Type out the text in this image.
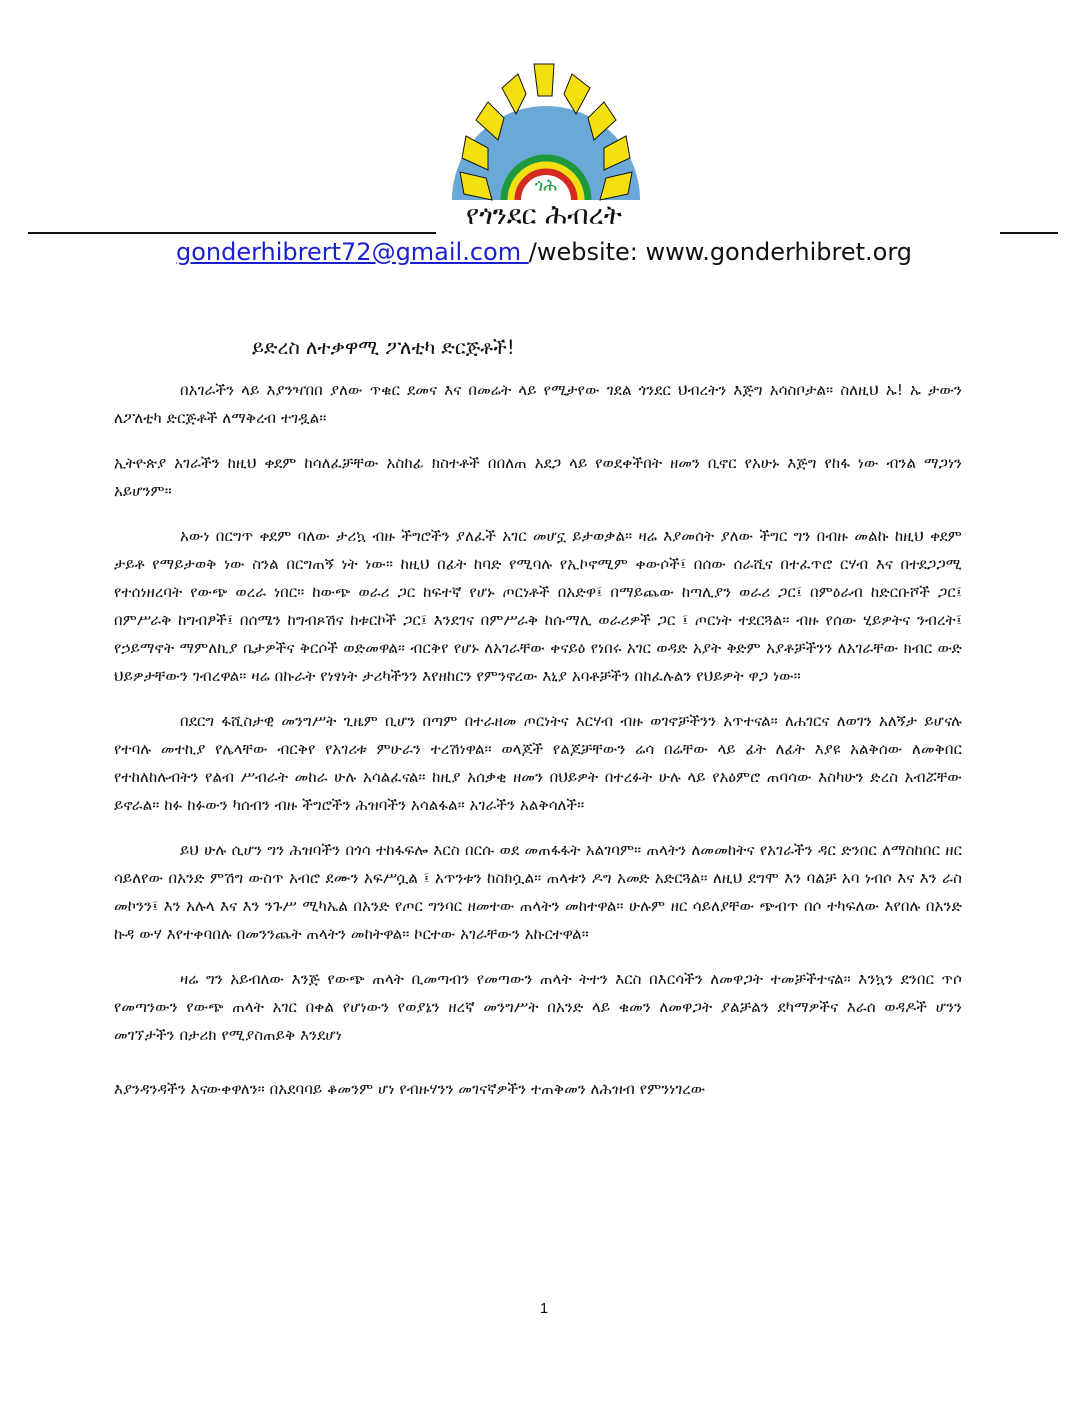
ጎሕ
የጎንደር ሕብረት
gonderhibrert72@gmail.com /website: www.gonderhibret.org
ይድረስ ለተቃዋሚ ፖለቲካ ድርጅቶች!

በአገራችን ላይ እያንዣበበ ያለው ጥቁር ደመና እና በመሬት ላይ የሚታየው ገደል ጎንደር ህብረትን እጅግ አሳስቦታል። ስለዚህ ኡ! ኡ ታውን ለፖለቲካ ድርጅቶች ለማቅረብ ተገዷል።

ኢትዮጵያ አገራችን ከዚህ ቀደም ከሳለፈቻቸው አስከፊ ክስተቶች በበለጠ አደጋ ላይ የወደቀችበት ዘመን ቢኖር የአሁኑ እጅግ የከፋ ነው ብንል ማጋነን አይሆንም።

አውነ በርግጥ ቀደም ባለው ታሪኳ ብዙ ችግሮችን ያለፈች አገር መሆኗ ይታወቃል። ዛሬ እያመሰት ያለው ችግር ግን በብዙ መልኩ ከዚህ ቀደም ታይቶ የማይታወቅ ነው ስንል በርግጠኝ ነት ነው። ከዚህ በፊት ከባድ የሚባሉ የኢኮኖሚም ቀውሶች፤ በሰው ሰራሺና በተፈጥሮ ርሃብ እና በተደጋጋሚ የተሰነዘረባት የውጭ ወረራ ነበር። ከውጭ ወራሪ ጋር ከፍተኛ የሆኑ ጦርነቶች በአድዋ፤ በማይጨው ከጣሊያን ወራሪ ጋር፤ በምዕራብ ከድርቡሾች ጋር፤ በምሥራቅ ከግብፆች፤ በሰሜን ከግብጾሽና ከቱርኮች ጋር፤ እንደገና በምሥራቅ ከሱማሊ ወራሪዎች ጋር ፤ ጦርነት ተደርጓል። ብዙ የሰው ሂይዎትና ንብረት፤ የኃይማኖት ማምለኪያ ቤታዎችና ቅርሶች ወድመዋል። ብርቅየ የሆኑ ለአገራቸው ቀናይዕ የነበሩ አገር ወዳድ አያት ቅድም አያቶቻችንን ለአገራቸው ክብር ውድ ህይዎታቸውን ገብረዋል። ዛሬ በኩራት የነፃነት ታሪካችንን እየዘከርን የምንኖረው እኒያ አባቶቻችን በከፈሉልን የህይዎት ዋጋ ነው።

በደርግ ፋሺስታዊ መንግሥት ጊዜም ቢሆን በጣም በተራዘመ ጦርነትና እርሃብ ብዙ ወገኖቻችንን አጥተናል። ለሐገርና ለወገን አለኝታ ይሆናሉ የተባሉ መተኪያ የሌላቸው ብርቅየ የአገሪቱ ምሁራን ተረሽነዋል። ወላጆች የልጆቻቸውን ሬሳ በሬቸው ላይ ፊት ለፊት እያዩ አልቅሰው ለመቅበር የተከለከሉብትን የልብ ሥብራት መከራ ሁሉ አሳልፈናል። ከዚያ አሰቃቂ ዘመን በህይዎት በተረፉት ሁሉ ላይ የአዕምሮ ጠባሳው እስካሁን ድረስ አብሯቸው ይኖራል። ከፉ ከፉውን ካሰብን ብዙ ችግሮችን ሕዝባችን አሳልፋል። አገራችን አልቅሳለች።

ይህ ሁሉ ሲሆን ግን ሕዝባችን በጎሳ ተከፋፍሎ እርስ በርሱ ወደ መጠፋፋት አልገባም። ጠላትን ለመመከትና የአገራችን ዳር ድንበር ለማስከበር ዘር ሳይለየው በአንድ ምሽግ ውስጥ አብሮ ደሙን አፍሥሷል ፤ አጥንቱን ከስክሷል። ጠላቱን ዶግ አመድ አድርጓል። ለዚህ ደግሞ እን ባልቻ አባ ነብሶ እና እን ራስ መኮንን፤ እን አሉላ እና እን ንጉሥ ሚካኤል በአንድ የጦር ግንባር ዘመተው ጠላትን መከተዋል። ሁሉም ዘር ሳይለያቸው ጭብጥ በሶ ተካፍለው እየበሉ በአንድ ኩዳ ውሃ እየተቀባበሉ በመንንጨት ጠላትን መከትዋል። ኮርተው አገራቸውን አኩርተዋል።

ዛሬ ግን አይብለው እንጅ የውጭ ጠላት ቢመጣብን የመጣውን ጠላት ትተን እርስ በእርሳችን ለመዋጋት ተመቻችተናል። እንኳን ደንበር ጥሶ የመጣንውን የውጭ ጠላት አገር በቀል የሆነውን የወያኔን ዘረኛ መንግሥት በአንድ ላይ ቁመን ለመዋጋት ያልቻልን ደካማዎችና እራሰ ወዳዶች ሆንን መገኘታችን በታሪክ የሚያስጠይቅ እንደሆነ

እያንዳንዳችን እናውቀዋለን። በአደባባይ ቆመንም ሆነ የብዙሃንን መገናኛዎችን ተጠቅመን ለሕዝብ የምንነገረው

1
